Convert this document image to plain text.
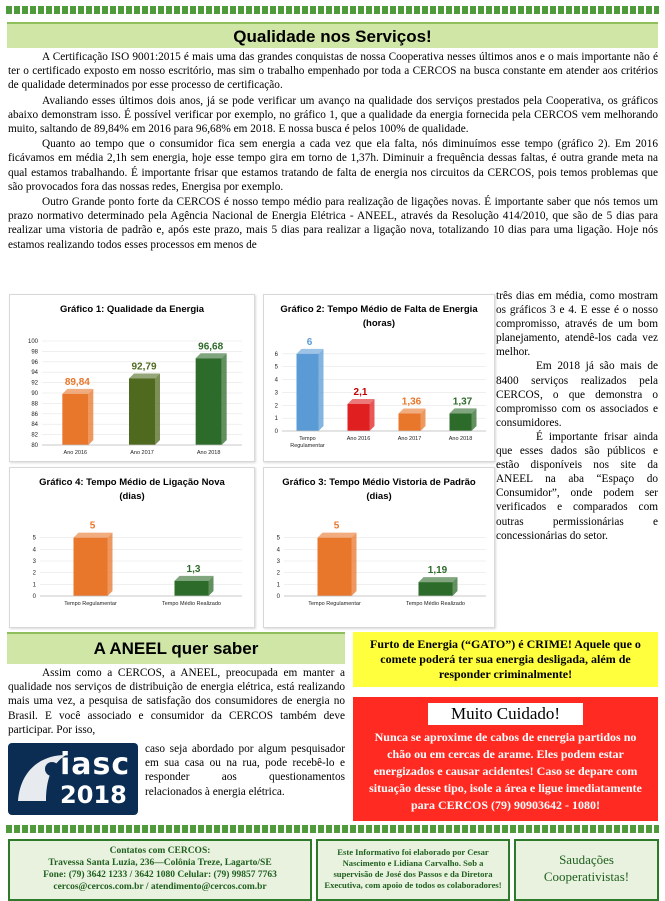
Qualidade nos Serviços!

A Certificação ISO 9001:2015 é mais uma das grandes conquistas de nossa Cooperativa nesses últimos anos e o mais importante não é ter o certificado exposto em nosso escritório, mas sim o trabalho empenhado por toda a CERCOS na busca constante em atender aos critérios de qualidade determinados por esse processo de certificação.

Avaliando esses últimos dois anos, já se pode verificar um avanço na qualidade dos serviços prestados pela Cooperativa, os gráficos abaixo demonstram isso. É possível verificar por exemplo, no gráfico 1, que a qualidade da energia fornecida pela CERCOS vem melhorando muito, saltando de 89,84% em 2016 para 96,68% em 2018. E nossa busca é pelos 100% de qualidade.

Quanto ao tempo que o consumidor fica sem energia a cada vez que ela falta, nós diminuímos esse tempo (gráfico 2). Em 2016 ficávamos em média 2,1h sem energia, hoje esse tempo gira em torno de 1,37h. Diminuir a frequência dessas faltas, é outra grande meta na qual estamos trabalhando. É importante frisar que estamos tratando de falta de energia nos circuitos da CERCOS, pois temos problemas que são provocados fora das nossas redes, Energisa por exemplo.

Outro Grande ponto forte da CERCOS é nosso tempo médio para realização de ligações novas. É importante saber que nós temos um prazo normativo determinado pela Agência Nacional de Energia Elétrica - ANEEL, através da Resolução 414/2010, que são de 5 dias para realizar uma vistoria de padrão e, após este prazo, mais 5 dias para realizar a ligação nova, totalizando 10 dias para uma ligação. Hoje nós estamos realizando todos esses processos em menos de

Gráfico 1: Qualidade da Energia
80
82
84
86
88
90
92
94
96
98
100
89,84
Ano 2016
92,79
Ano 2017
96,68
Ano 2018
Gráfico 2: Tempo Médio de Falta de Energia
(horas)
0
1
2
3
4
5
6
6
Tempo
Regulamentar
2,1
Ano 2016
1,36
Ano 2017
1,37
Ano 2018
Gráfico 4: Tempo Médio de Ligação Nova
(dias)
0
1
2
3
4
5
5
Tempo Regulamentar
1,3
Tempo Médio Realizado
Gráfico 3: Tempo Médio Vistoria de Padrão
(dias)
0
1
2
3
4
5
5
Tempo Regulamentar
1,19
Tempo Médio Realizado

três dias em média, como mostram os gráficos 3 e 4. E esse é o nosso compromisso, através de um bom planejamento, atendê-los cada vez melhor.

Em 2018 já são mais de 8400 serviços realizados pela CERCOS, o que demonstra o compromisso com os associados e consumidores.

É importante frisar ainda que esses dados são públicos e estão disponíveis nos site da ANEEL na aba “Espaço do Consumidor”, onde podem ser verificados e comparados com outras permissionárias e concessionárias do setor.

A ANEEL quer saber

Assim como a CERCOS, a ANEEL, preocupada em manter a qualidade nos serviços de distribuição de energia elétrica, está realizando mais uma vez, a pesquisa de satisfação dos consumidores de energia no Brasil. E você associado e consumidor da CERCOS também deve participar. Por isso,

caso seja abordado por algum pesquisador em sua casa ou na rua, pode recebê-lo e responder aos questionamentos relacionados à energia elétrica.

iasc
2018
Furto de Energia (“GATO”) é CRIME! Aquele que o comete poderá ter sua energia desligada, além de responder criminalmente!
Muito Cuidado!
Nunca se aproxime de cabos de energia partidos no chão ou em cercas de arame. Eles podem estar energizados e causar acidentes! Caso se depare com situação desse tipo, isole a área e ligue imediatamente para CERCOS (79) 90903642 - 1080!
Contatos com CERCOS:
Travessa Santa Luzia, 236—Colônia Treze, Lagarto/SE
Fone: (79) 3642 1233 / 3642 1080 Celular: (79) 99857 7763
cercos@cercos.com.br / atendimento@cercos.com.br
Este Informativo foi elaborado por Cesar Nascimento e Lidiana Carvalho. Sob a supervisão de José dos Passos e da Diretora Executiva, com apoio de todos os colaboradores!
Saudações Cooperativistas!
